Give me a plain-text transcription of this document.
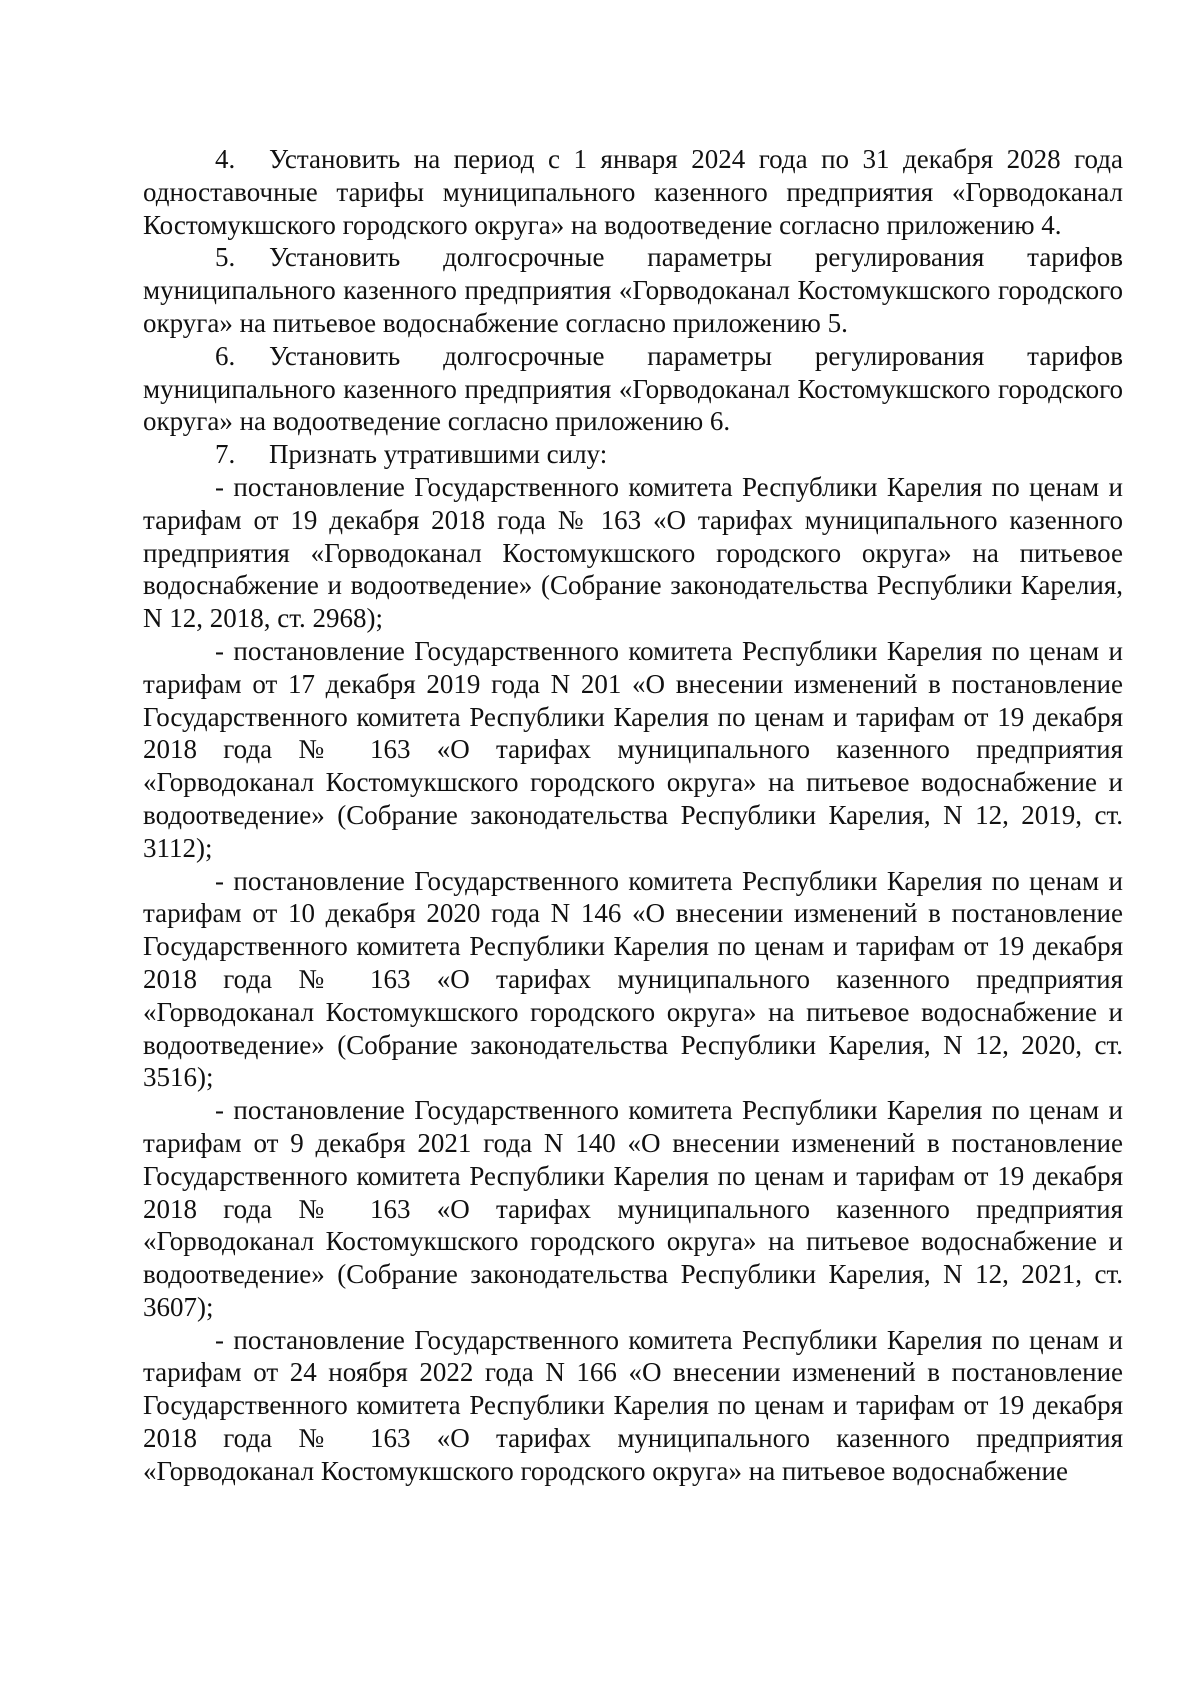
4. Установить на период с 1 января 2024 года по 31 декабря 2028 года одноставочные тарифы муниципального казенного предприятия «Горводоканал Костомукшского городского округа» на водоотведение согласно приложению 4.

5. Установить долгосрочные параметры регулирования тарифов муниципального казенного предприятия «Горводоканал Костомукшского городского округа» на питьевое водоснабжение согласно приложению 5.

6. Установить долгосрочные параметры регулирования тарифов муниципального казенного предприятия «Горводоканал Костомукшского городского округа» на водоотведение согласно приложению 6.

7. Признать утратившими силу:

- постановление Государственного комитета Республики Карелия по ценам и тарифам от 19 декабря 2018 года № 163 «О тарифах муниципального казенного предприятия «Горводоканал Костомукшского городского округа» на питьевое водоснабжение и водоотведение» (Собрание законодательства Республики Карелия, N 12, 2018, ст. 2968);

- постановление Государственного комитета Республики Карелия по ценам и тарифам от 17 декабря 2019 года N 201 «О внесении изменений в постановление Государственного комитета Республики Карелия по ценам и тарифам от 19 декабря 2018 года № 163 «О тарифах муниципального казенного предприятия «Горводоканал Костомукшского городского округа» на питьевое водоснабжение и водоотведение» (Собрание законодательства Республики Карелия, N 12, 2019, ст. 3112);

- постановление Государственного комитета Республики Карелия по ценам и тарифам от 10 декабря 2020 года N 146 «О внесении изменений в постановление Государственного комитета Республики Карелия по ценам и тарифам от 19 декабря 2018 года № 163 «О тарифах муниципального казенного предприятия «Горводоканал Костомукшского городского округа» на питьевое водоснабжение и водоотведение» (Собрание законодательства Республики Карелия, N 12, 2020, ст. 3516);

- постановление Государственного комитета Республики Карелия по ценам и тарифам от 9 декабря 2021 года N 140 «О внесении изменений в постановление Государственного комитета Республики Карелия по ценам и тарифам от 19 декабря 2018 года № 163 «О тарифах муниципального казенного предприятия «Горводоканал Костомукшского городского округа» на питьевое водоснабжение и водоотведение» (Собрание законодательства Республики Карелия, N 12, 2021, ст. 3607);

- постановление Государственного комитета Республики Карелия по ценам и тарифам от 24 ноября 2022 года N 166 «О внесении изменений в постановление Государственного комитета Республики Карелия по ценам и тарифам от 19 декабря 2018 года № 163 «О тарифах муниципального казенного предприятия «Горводоканал Костомукшского городского округа» на питьевое водоснабжение
